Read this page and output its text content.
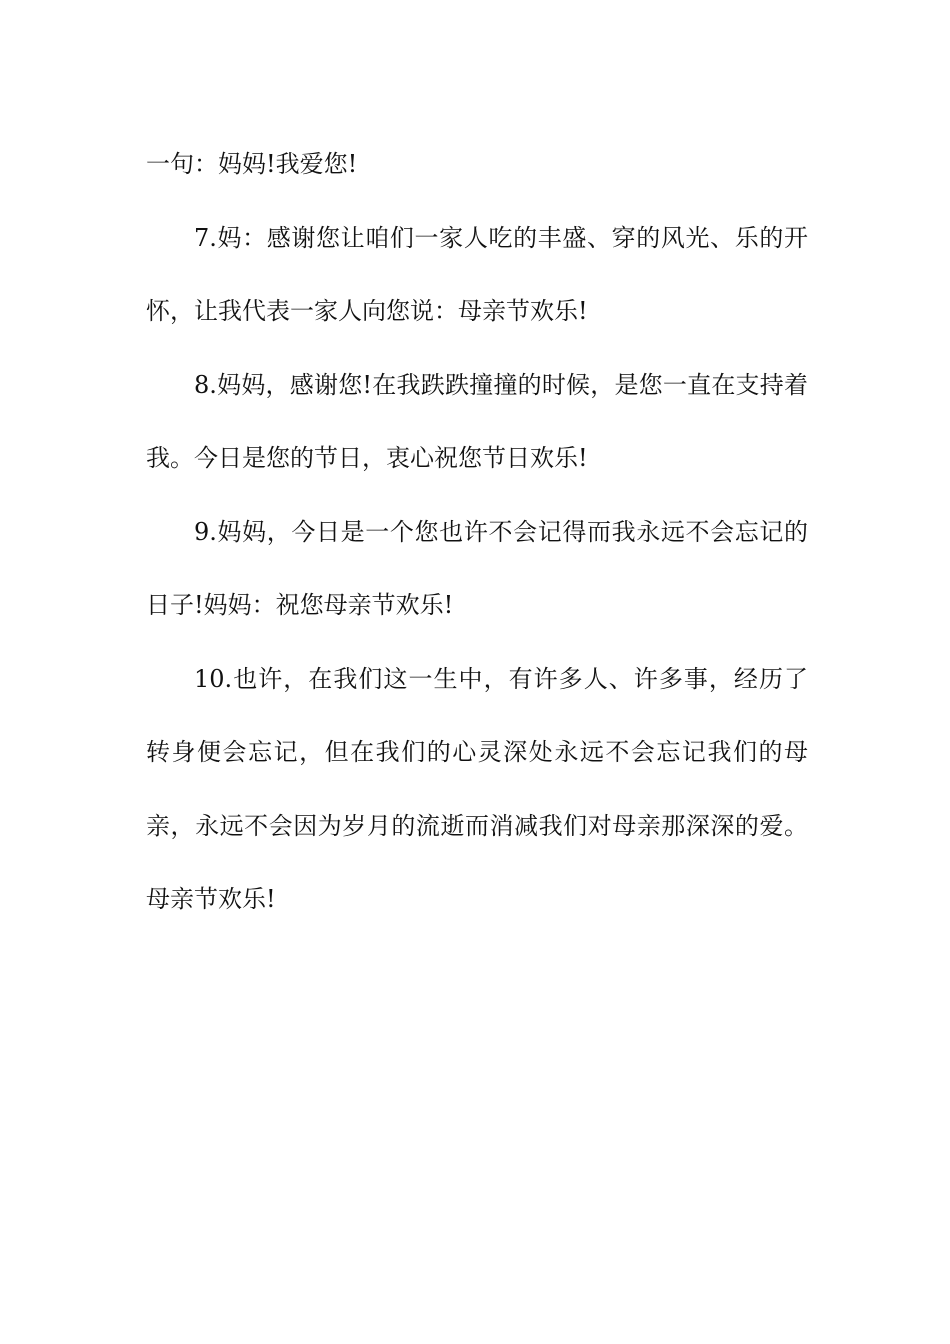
一句：妈妈!我爱您!

7.妈：感谢您让咱们一家人吃的丰盛、穿的风光、乐的开怀，让我代表一家人向您说：母亲节欢乐!

8.妈妈，感谢您!在我跌跌撞撞的时候，是您一直在支持着我。今日是您的节日，衷心祝您节日欢乐!

9.妈妈，今日是一个您也许不会记得而我永远不会忘记的日子!妈妈：祝您母亲节欢乐!

10.也许，在我们这一生中，有许多人、许多事，经历了转身便会忘记，但在我们的心灵深处永远不会忘记我们的母亲，永远不会因为岁月的流逝而消减我们对母亲那深深的爱。母亲节欢乐!
